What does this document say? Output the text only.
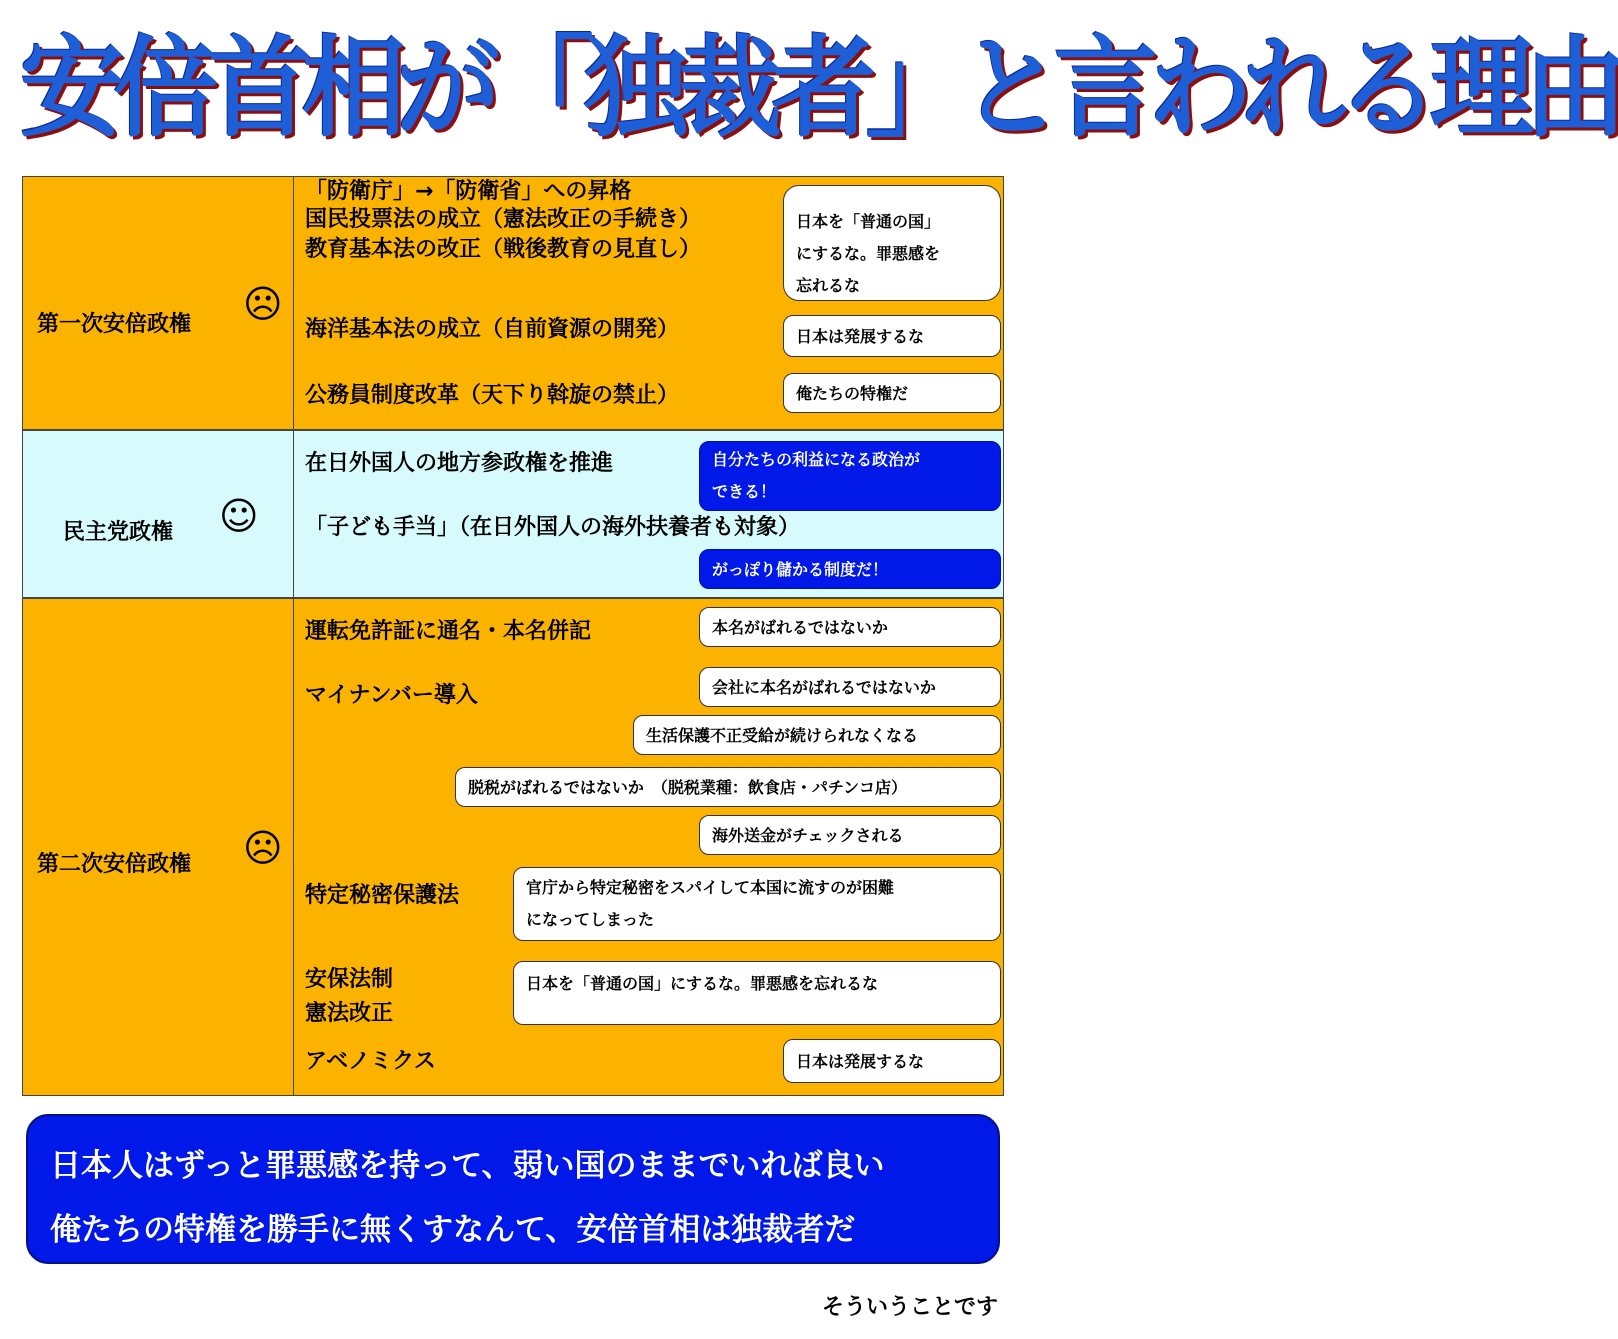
安倍首相が「独裁者」と言われる理由
第一次安倍政権 ☹
「防衛庁」→「防衛省」への昇格
国民投票法の成立（憲法改正の手続き）
教育基本法の改正（戦後教育の見直し）
海洋基本法の成立（自前資源の開発）
公務員制度改革（天下り斡旋の禁止）
日本を「普通の国」
にするな。罪悪感を
忘れるな
日本は発展するな
俺たちの特権だ
民主党政権 ☺
在日外国人の地方参政権を推進
「子ども手当」（在日外国人の海外扶養者も対象）
自分たちの利益になる政治が
できる！
がっぽり儲かる制度だ！
第二次安倍政権 ☹
運転免許証に通名・本名併記
マイナンバー導入
特定秘密保護法
安保法制
憲法改正
アベノミクス
本名がばれるではないか
会社に本名がばれるではないか
生活保護不正受給が続けられなくなる
脱税がばれるではないか　（脱税業種：飲食店・パチンコ店）
海外送金がチェックされる
官庁から特定秘密をスパイして本国に流すのが困難
になってしまった
日本を「普通の国」にするな。罪悪感を忘れるな
日本は発展するな
日本人はずっと罪悪感を持って、弱い国のままでいれば良い
俺たちの特権を勝手に無くすなんて、安倍首相は独裁者だ
そういうことです
